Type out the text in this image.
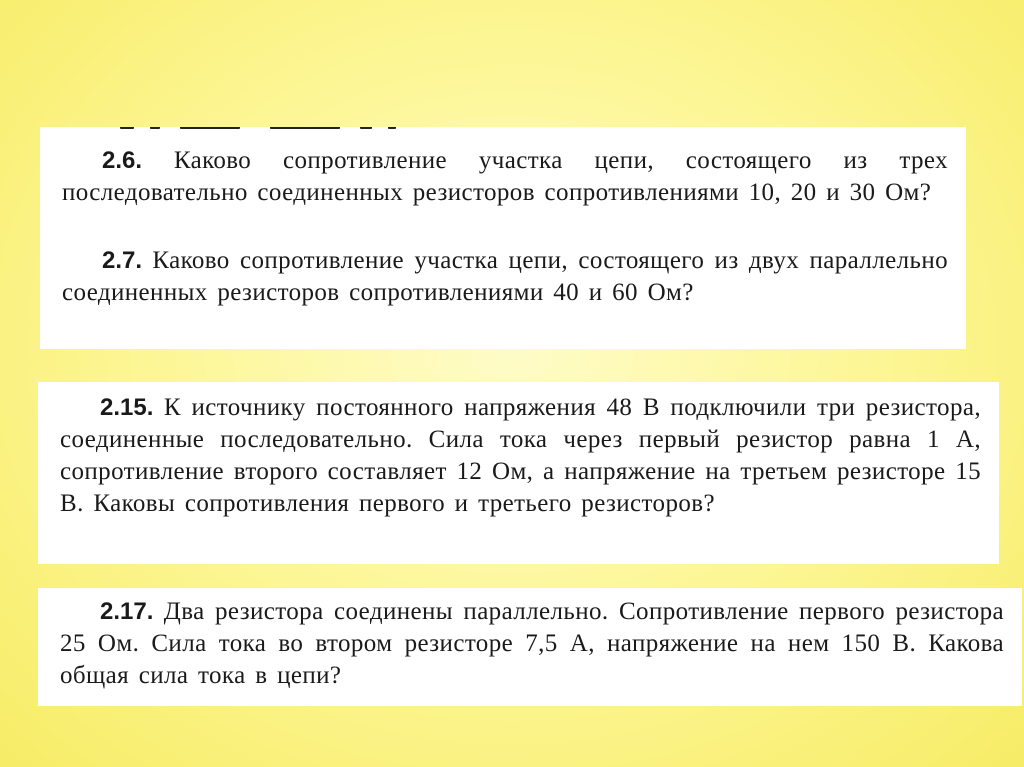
2.6. Каково сопротивление участка цепи, состоящего из трех последовательно соединенных резисторов сопротивлениями 10, 20 и 30 Ом?
2.7. Каково сопротивление участка цепи, состоящего из двух параллельно соединенных резисторов сопротивлениями 40 и 60 Ом?
2.15. К источнику постоянного напряжения 48 В подключили три резистора, соединенные последовательно. Сила тока через первый резистор равна 1 А, сопротивление второго составляет 12 Ом, а напряжение на третьем резисторе 15 В. Каковы сопротивления первого и третьего резисторов?
2.17. Два резистора соединены параллельно. Сопротивление первого резистора 25 Ом. Сила тока во втором резисторе 7,5 А, напряжение на нем 150 В. Какова общая сила тока в цепи?
